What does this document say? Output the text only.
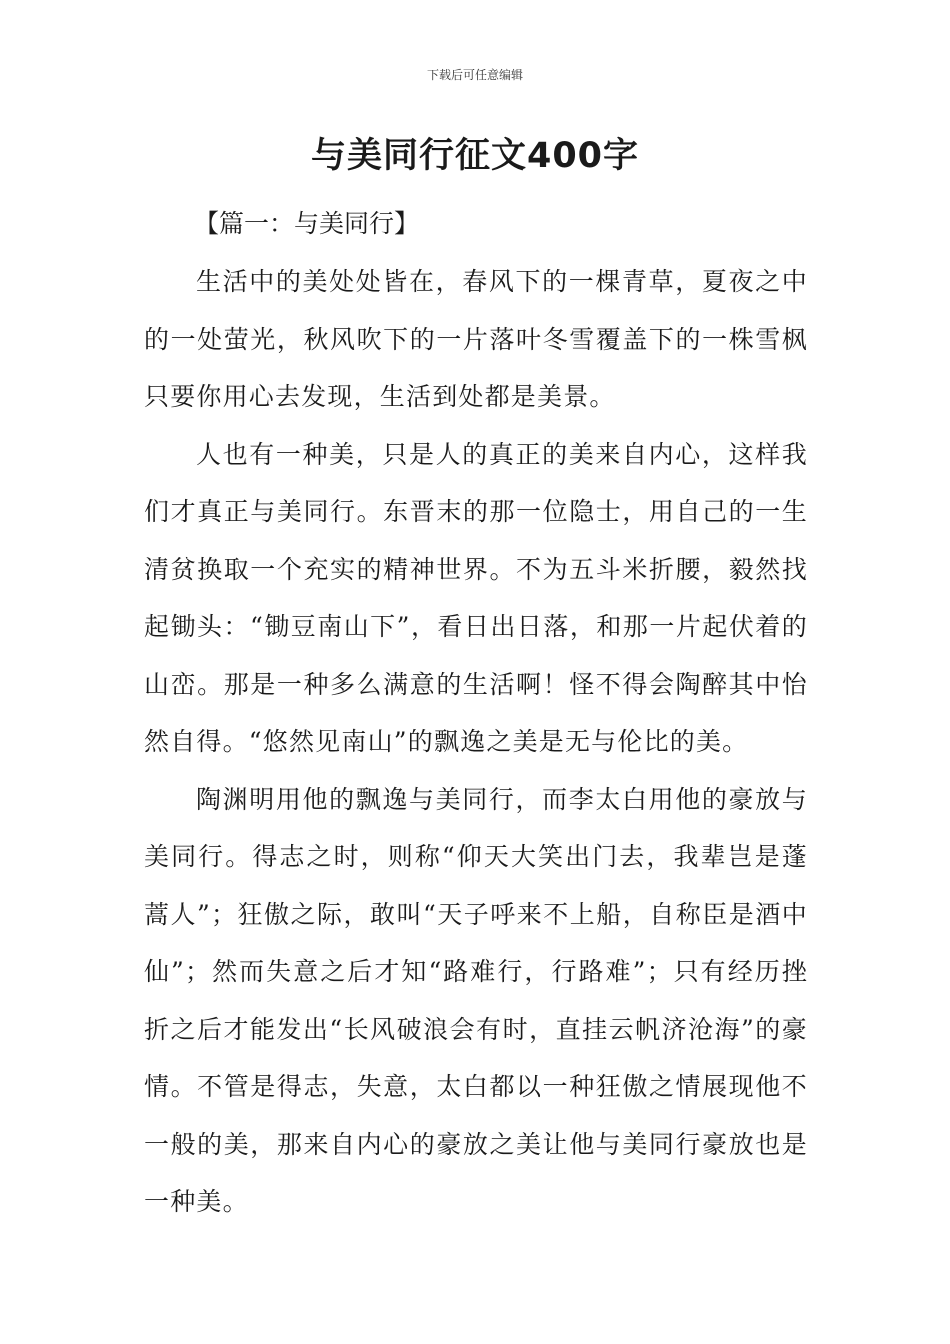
下载后可任意编辑
与美同行征文400字
【篇一：与美同行】

生活中的美处处皆在，春风下的一棵青草，夏夜之中的一处萤光，秋风吹下的一片落叶冬雪覆盖下的一株雪枫只要你用心去发现，生活到处都是美景。

人也有一种美，只是人的真正的美来自内心，这样我们才真正与美同行。东晋末的那一位隐士，用自己的一生清贫换取一个充实的精神世界。不为五斗米折腰，毅然找起锄头：“锄豆南山下”，看日出日落，和那一片起伏着的山峦。那是一种多么满意的生活啊！怪不得会陶醉其中怡然自得。“悠然见南山”的飘逸之美是无与伦比的美。

陶渊明用他的飘逸与美同行，而李太白用他的豪放与美同行。得志之时，则称“仰天大笑出门去，我辈岂是蓬蒿人”；狂傲之际，敢叫“天子呼来不上船，自称臣是酒中仙”；然而失意之后才知“路难行，行路难”；只有经历挫折之后才能发出“长风破浪会有时，直挂云帆济沧海”的豪情。不管是得志，失意，太白都以一种狂傲之情展现他不一般的美，那来自内心的豪放之美让他与美同行豪放也是一种美。
